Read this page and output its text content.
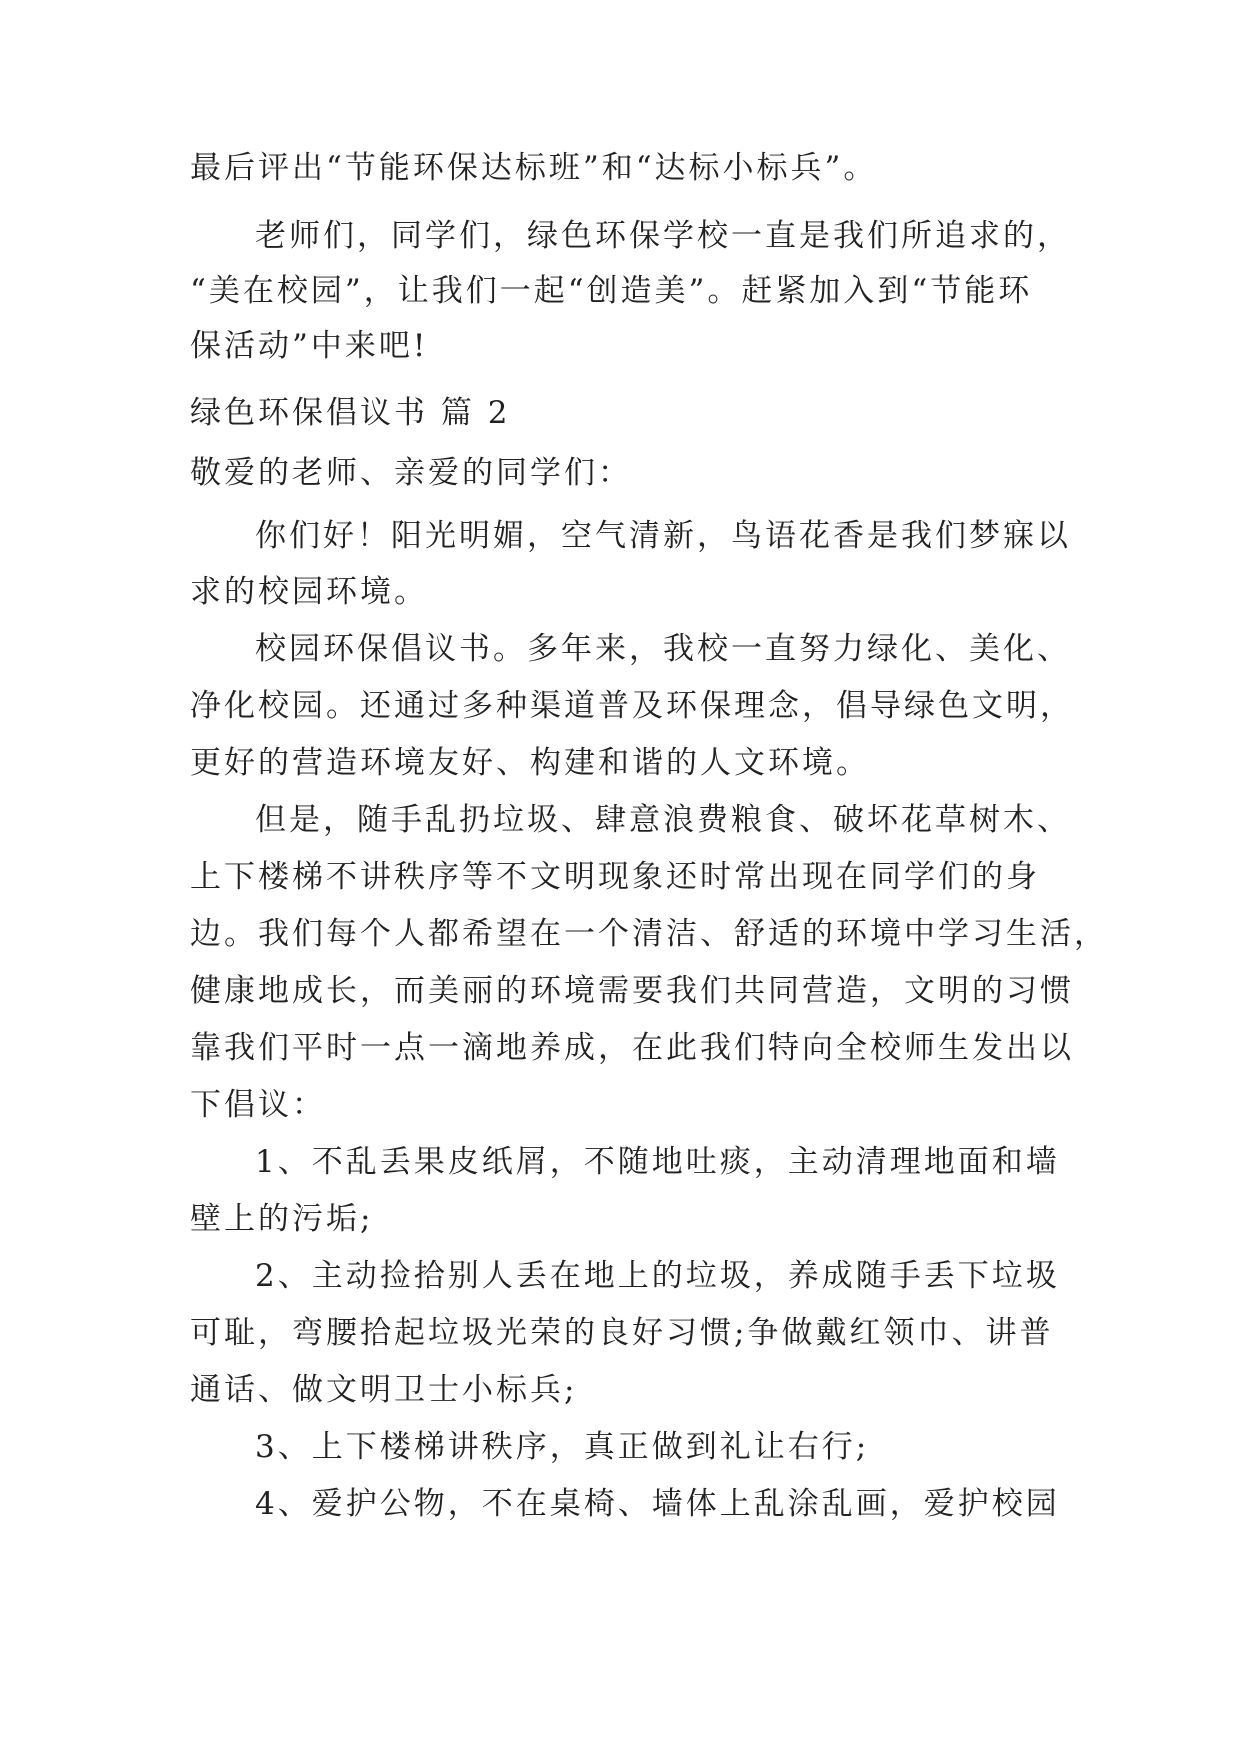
最后评出“节能环保达标班”和“达标小标兵”。
老师们，同学们，绿色环保学校一直是我们所追求的，
“美在校园”，让我们一起“创造美”。赶紧加入到“节能环
保活动”中来吧!
绿色环保倡议书 篇 2
敬爱的老师、亲爱的同学们：
你们好！阳光明媚，空气清新，鸟语花香是我们梦寐以
求的校园环境。
校园环保倡议书。多年来，我校一直努力绿化、美化、
净化校园。还通过多种渠道普及环保理念，倡导绿色文明，
更好的营造环境友好、构建和谐的人文环境。
但是，随手乱扔垃圾、肆意浪费粮食、破坏花草树木、
上下楼梯不讲秩序等不文明现象还时常出现在同学们的身
边。我们每个人都希望在一个清洁、舒适的环境中学习生活，
健康地成长，而美丽的环境需要我们共同营造，文明的习惯
靠我们平时一点一滴地养成，在此我们特向全校师生发出以
下倡议：
1、不乱丢果皮纸屑，不随地吐痰，主动清理地面和墙
壁上的污垢;
2、主动捡拾别人丢在地上的垃圾，养成随手丢下垃圾
可耻，弯腰拾起垃圾光荣的良好习惯;争做戴红领巾、讲普
通话、做文明卫士小标兵;
3、上下楼梯讲秩序，真正做到礼让右行;
4、爱护公物，不在桌椅、墙体上乱涂乱画，爱护校园
